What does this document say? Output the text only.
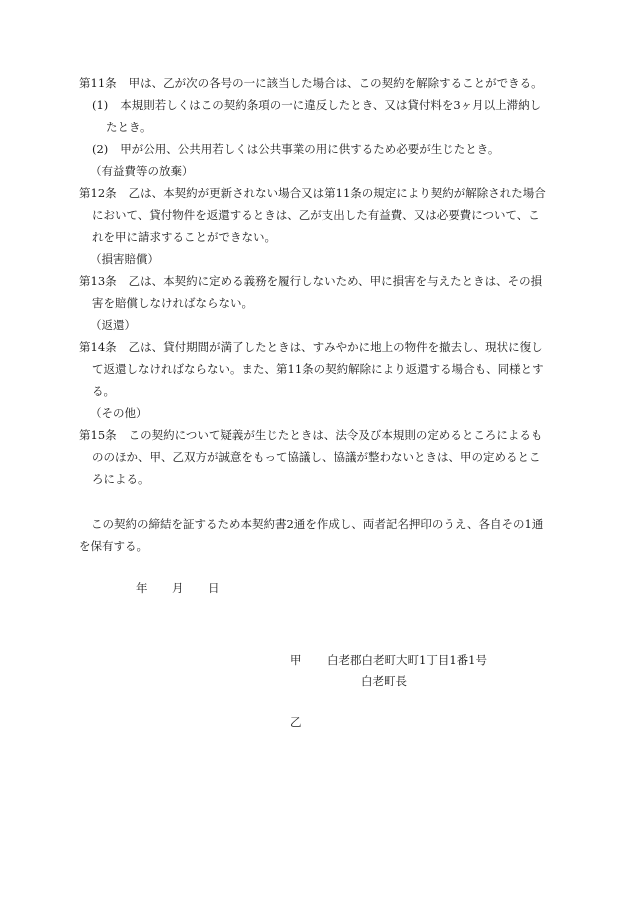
第11条 甲は、乙が次の各号の一に該当した場合は、この契約を解除することができる。
(1) 本規則若しくはこの契約条項の一に違反したとき、又は貸付料を3ヶ月以上滞納し
たとき。
(2) 甲が公用、公共用若しくは公共事業の用に供するため必要が生じたとき。
（有益費等の放棄）
第12条 乙は、本契約が更新されない場合又は第11条の規定により契約が解除された場合
において、貸付物件を返還するときは、乙が支出した有益費、又は必要費について、こ
れを甲に請求することができない。
（損害賠償）
第13条 乙は、本契約に定める義務を履行しないため、甲に損害を与えたときは、その損
害を賠償しなければならない。
（返還）
第14条 乙は、貸付期間が満了したときは、すみやかに地上の物件を撤去し、現状に復し
て返還しなければならない。また、第11条の契約解除により返還する場合も、同様とす
る。
（その他）
第15条 この契約について疑義が生じたときは、法令及び本規則の定めるところによるも
ののほか、甲、乙双方が誠意をもって協議し、協議が整わないときは、甲の定めるとこ
ろによる。
この契約の締結を証するため本契約書2通を作成し、両者記名押印のうえ、各自その1通
を保有する。
年 月 日
甲 白老郡白老町大町1丁目1番1号
白老町長
乙
